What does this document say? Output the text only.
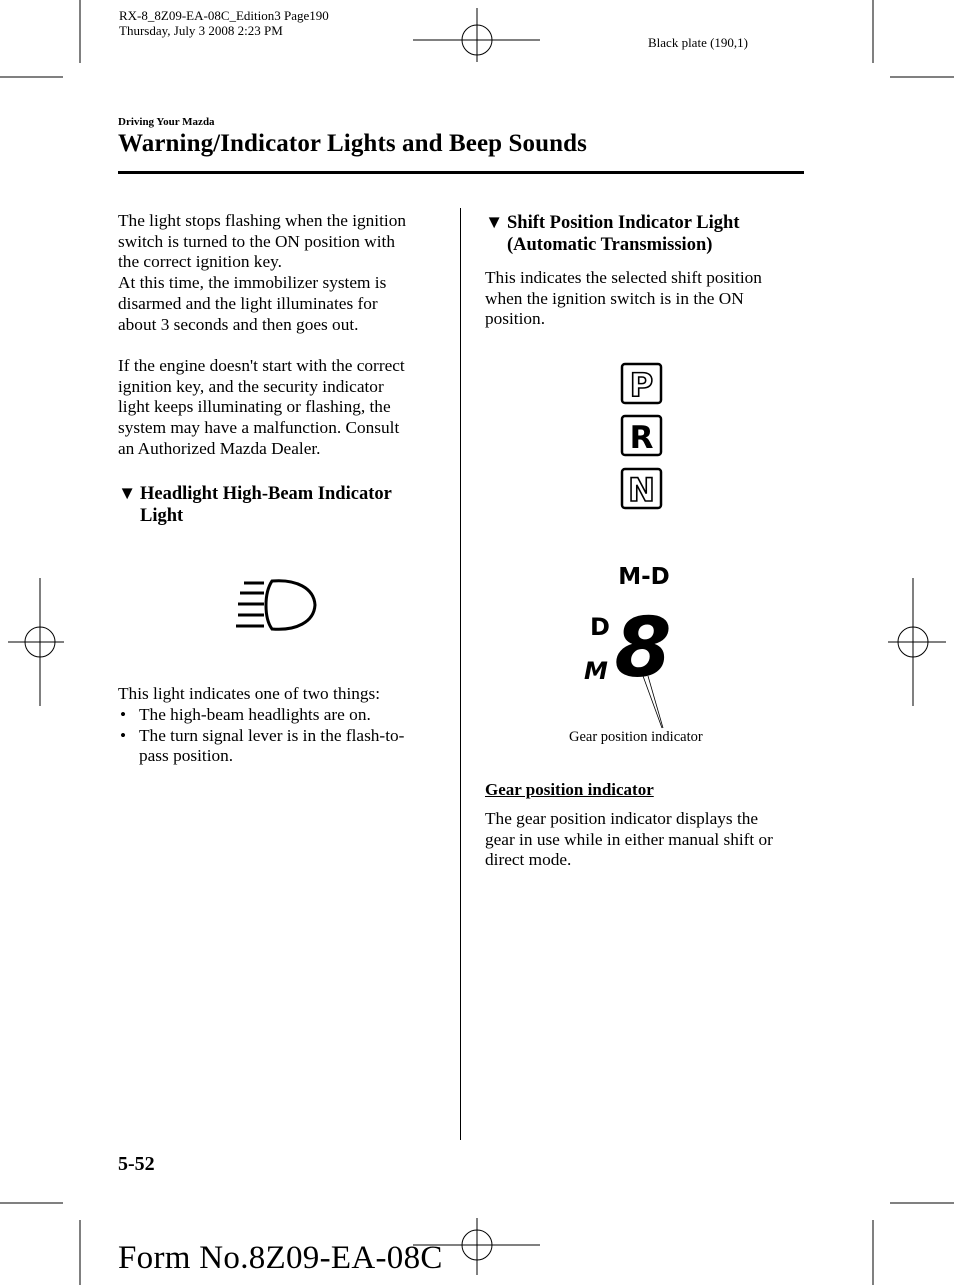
RX-8_8Z09-EA-08C_Edition3 Page190
Thursday, July 3 2008 2:23 PM
Black plate (190,1)
Driving Your Mazda
Warning/Indicator Lights and Beep Sounds
The light stops flashing when the ignition
switch is turned to the ON position with
the correct ignition key.
At this time, the immobilizer system is
disarmed and the light illuminates for
about 3 seconds and then goes out.
If the engine doesn't start with the correct
ignition key, and the security indicator
light keeps illuminating or flashing, the
system may have a malfunction. Consult
an Authorized Mazda Dealer.
▼ Headlight High-Beam Indicator
Light
This light indicates one of two things:
• The high-beam headlights are on.
• The turn signal lever is in the flash-to-
pass position.
▼ Shift Position Indicator Light
(Automatic Transmission)
This indicates the selected shift position
when the ignition switch is in the ON
position.
P
R
N
M-D
D
M 8
Gear position indicator
Gear position indicator
The gear position indicator displays the
gear in use while in either manual shift or
direct mode.
5-52
Form No.8Z09-EA-08C
